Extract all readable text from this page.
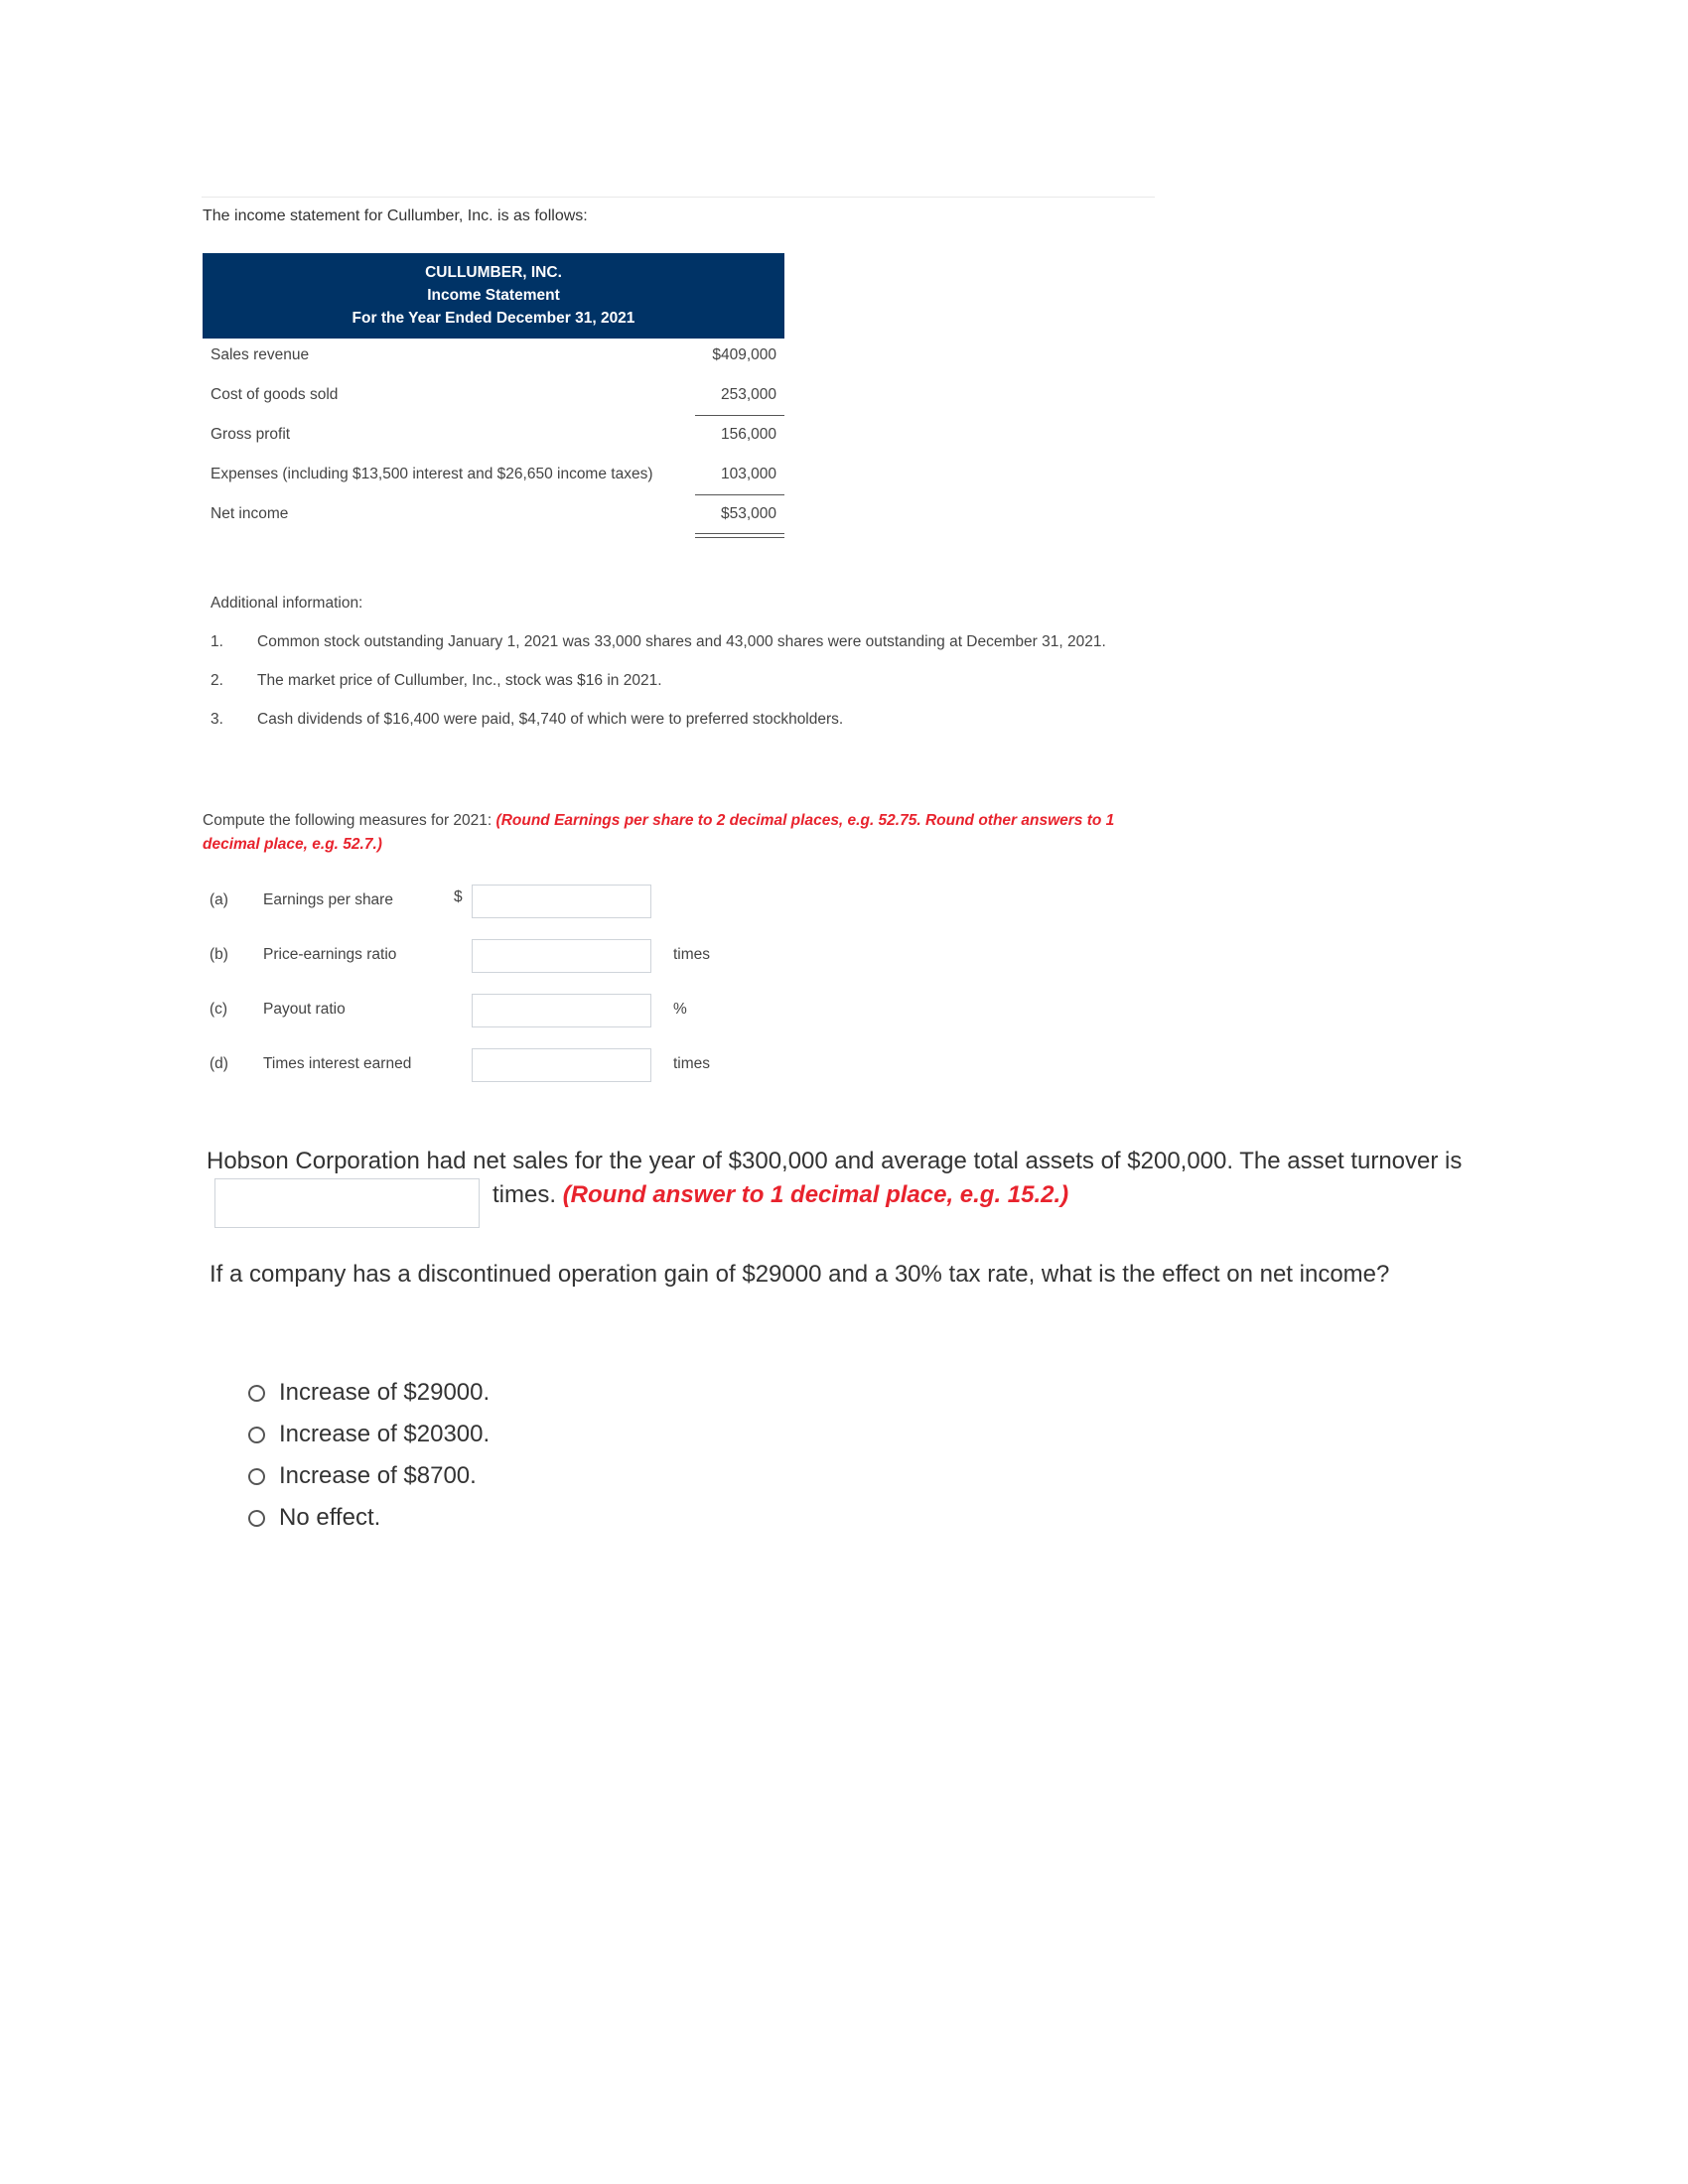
The income statement for Cullumber, Inc. is as follows:
CULLUMBER, INC.
Income Statement
For the Year Ended December 31, 2021
Sales revenue	$409,000
Cost of goods sold	253,000
Gross profit	156,000
Expenses (including $13,500 interest and $26,650 income taxes)	103,000
Net income	$53,000
Additional information:
1. Common stock outstanding January 1, 2021 was 33,000 shares and 43,000 shares were outstanding at December 31, 2021.
2. The market price of Cullumber, Inc., stock was $16 in 2021.
3. Cash dividends of $16,400 were paid, $4,740 of which were to preferred stockholders.
Compute the following measures for 2021: (Round Earnings per share to 2 decimal places, e.g. 52.75. Round other answers to 1 decimal place, e.g. 52.7.)
(a) Earnings per share	$
(b) Price-earnings ratio	times
(c) Payout ratio	%
(d) Times interest earned	times
Hobson Corporation had net sales for the year of $300,000 and average total assets of $200,000. The asset turnover is
times. (Round answer to 1 decimal place, e.g. 15.2.)
If a company has a discontinued operation gain of $29000 and a 30% tax rate, what is the effect on net income?
Increase of $29000.
Increase of $20300.
Increase of $8700.
No effect.
